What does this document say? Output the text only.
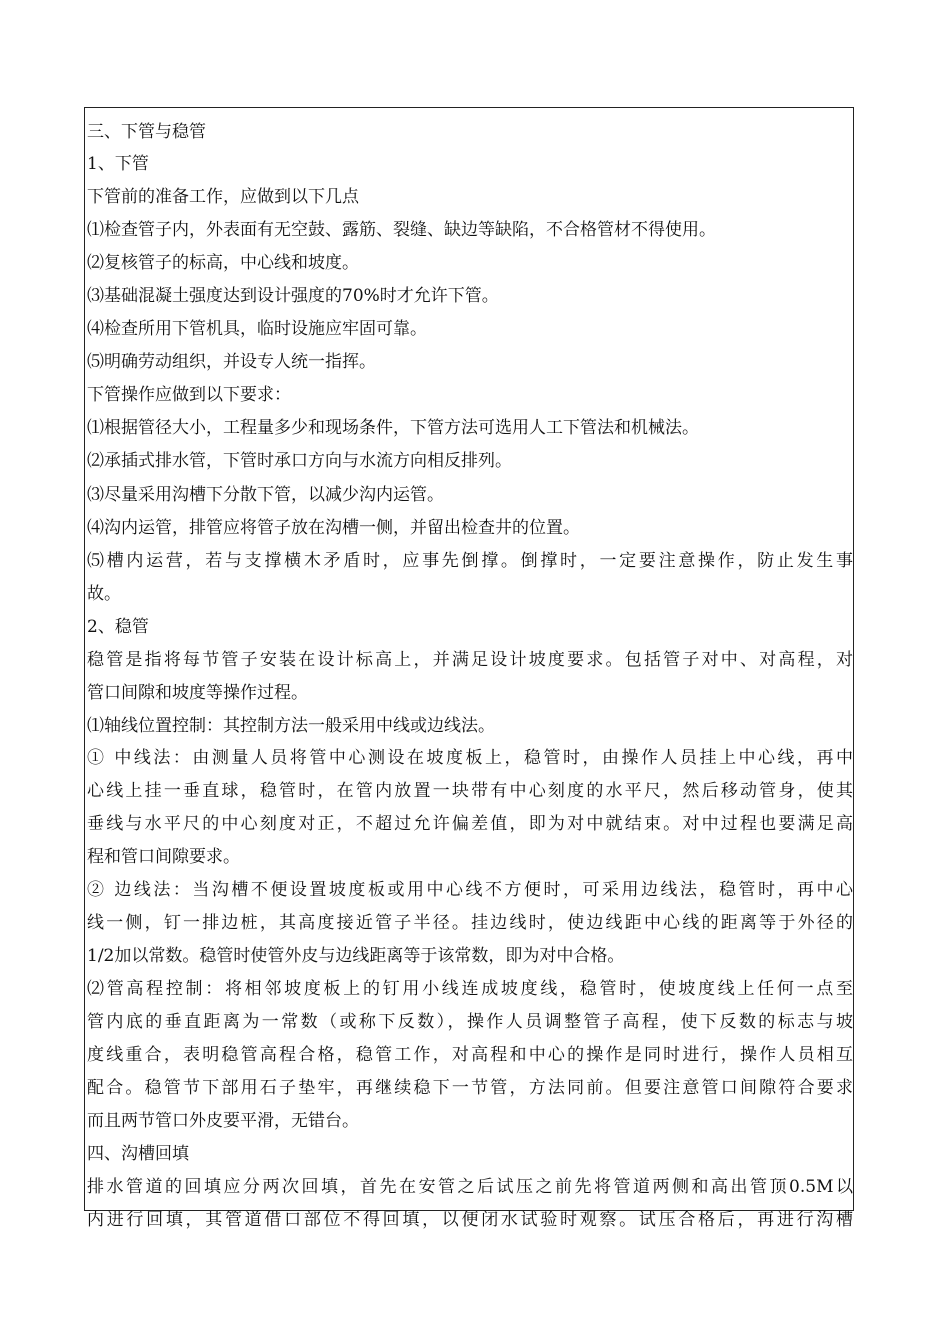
三、下管与稳管
1、下管
下管前的准备工作，应做到以下几点
⑴检查管子内，外表面有无空鼓、露筋、裂缝、缺边等缺陷，不合格管材不得使用。
⑵复核管子的标高，中心线和坡度。
⑶基础混凝土强度达到设计强度的70%时才允许下管。
⑷检查所用下管机具，临时设施应牢固可靠。
⑸明确劳动组织，并设专人统一指挥。
下管操作应做到以下要求：
⑴根据管径大小，工程量多少和现场条件，下管方法可选用人工下管法和机械法。
⑵承插式排水管，下管时承口方向与水流方向相反排列。
⑶尽量采用沟槽下分散下管，以减少沟内运管。
⑷沟内运管，排管应将管子放在沟槽一侧，并留出检查井的位置。
⑸槽内运营，若与支撑横木矛盾时，应事先倒撑。倒撑时，一定要注意操作，防止发生事
故。
2、稳管
稳管是指将每节管子安装在设计标高上，并满足设计坡度要求。包括管子对中、对高程，对
管口间隙和坡度等操作过程。
⑴轴线位置控制：其控制方法一般采用中线或边线法。
① 中线法：由测量人员将管中心测设在坡度板上，稳管时，由操作人员挂上中心线，再中
心线上挂一垂直球，稳管时，在管内放置一块带有中心刻度的水平尺，然后移动管身，使其
垂线与水平尺的中心刻度对正，不超过允许偏差值，即为对中就结束。对中过程也要满足高
程和管口间隙要求。
② 边线法：当沟槽不便设置坡度板或用中心线不方便时，可采用边线法，稳管时，再中心
线一侧，钉一排边桩，其高度接近管子半径。挂边线时，使边线距中心线的距离等于外径的
1/2加以常数。稳管时使管外皮与边线距离等于该常数，即为对中合格。
⑵管高程控制：将相邻坡度板上的钉用小线连成坡度线，稳管时，使坡度线上任何一点至
管内底的垂直距离为一常数（或称下反数），操作人员调整管子高程，使下反数的标志与坡
度线重合，表明稳管高程合格，稳管工作，对高程和中心的操作是同时进行，操作人员相互
配合。稳管节下部用石子垫牢，再继续稳下一节管，方法同前。但要注意管口间隙符合要求
而且两节管口外皮要平滑，无错台。
四、沟槽回填
排水管道的回填应分两次回填，首先在安管之后试压之前先将管道两侧和高出管顶0.5M以
内进行回填，其管道借口部位不得回填，以便闭水试验时观察。试压合格后，再进行沟槽
